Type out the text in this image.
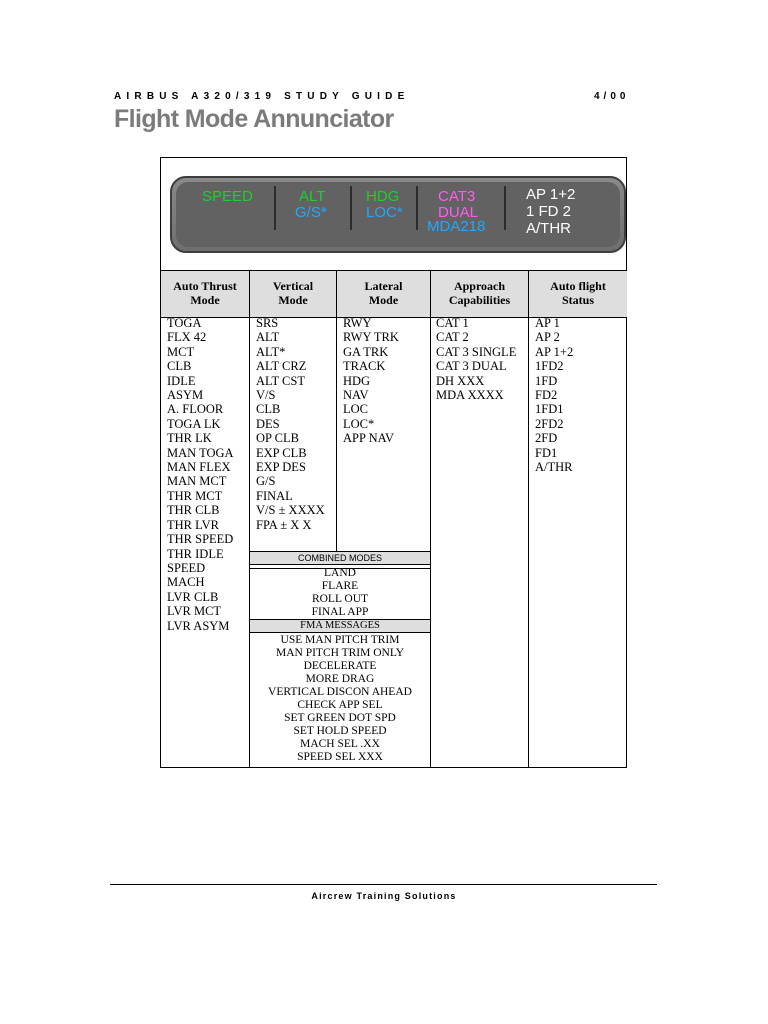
AIRBUS A320/319 STUDY GUIDE	4/00
Flight Mode Annunciator
SPEED	ALT
G/S*
HDG
LOC*
CAT3
DUAL
MDA218
AP 1+2
1 FD 2
A/THR
Auto Thrust
Mode
Vertical
Mode
Lateral
Mode
Approach
Capabilities
Auto flight
Status
TOGA
FLX 42
MCT
CLB
IDLE
ASYM
A. FLOOR
TOGA LK
THR LK
MAN TOGA
MAN FLEX
MAN MCT
THR MCT
THR CLB
THR LVR
THR SPEED
THR IDLE
SPEED
MACH
LVR CLB
LVR MCT
LVR ASYM
SRS
ALT
ALT*
ALT CRZ
ALT CST
V/S
CLB
DES
OP CLB
EXP CLB
EXP DES
G/S
FINAL
V/S ± XXXX
FPA ± X X
RWY
RWY TRK
GA TRK
TRACK
HDG
NAV
LOC
LOC*
APP NAV
CAT 1
CAT 2
CAT 3 SINGLE
CAT 3 DUAL
DH XXX
MDA XXXX
AP 1
AP 2
AP 1+2
1FD2
1FD
FD2
1FD1
2FD2
2FD
FD1
A/THR
COMBINED MODES
LAND
FLARE
ROLL OUT
FINAL APP
FMA MESSAGES
USE MAN PITCH TRIM
MAN PITCH TRIM ONLY
DECELERATE
MORE DRAG
VERTICAL DISCON AHEAD
CHECK APP SEL
SET GREEN DOT SPD
SET HOLD SPEED
MACH SEL .XX
SPEED SEL XXX
Aircrew Training Solutions
